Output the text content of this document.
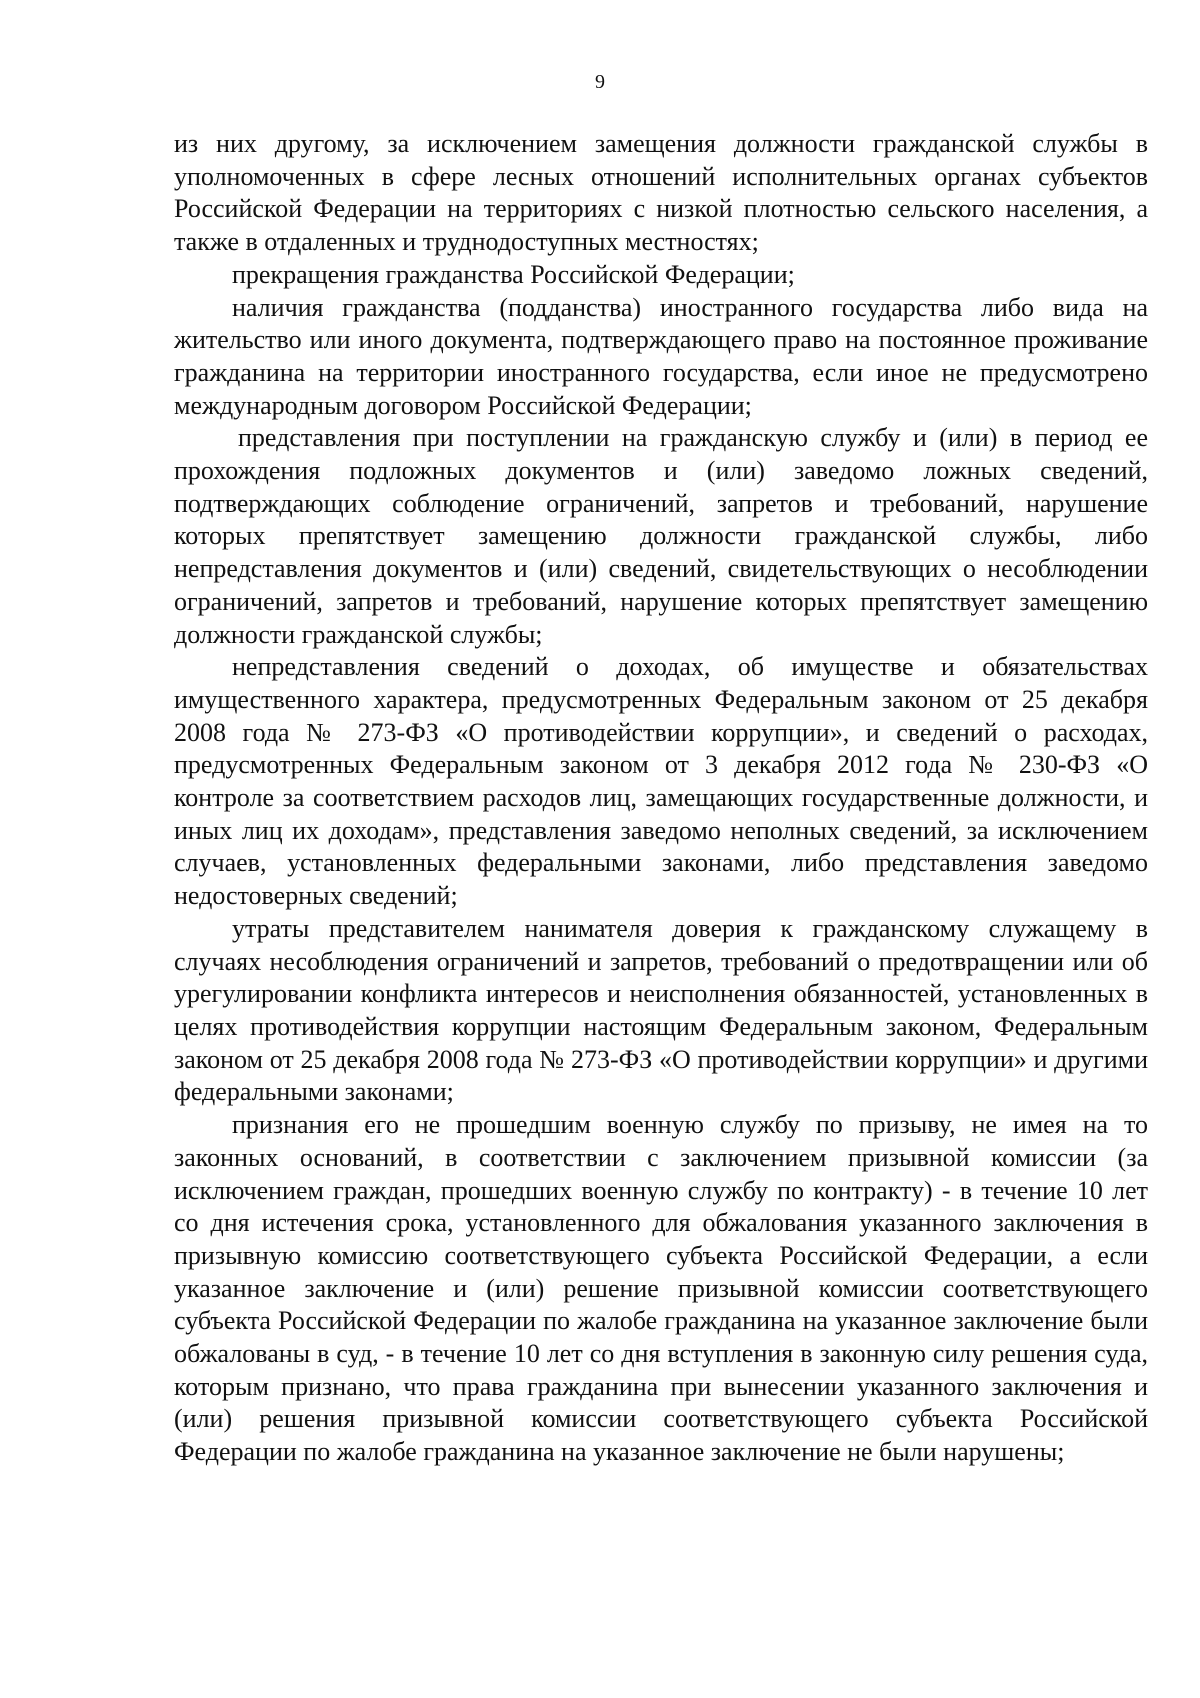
9

из них другому, за исключением замещения должности гражданской службы в уполномоченных в сфере лесных отношений исполнительных органах субъектов Российской Федерации на территориях с низкой плотностью сельского населения, а также в отдаленных и труднодоступных местностях;

прекращения гражданства Российской Федерации;

наличия гражданства (подданства) иностранного государства либо вида на жительство или иного документа, подтверждающего право на постоянное проживание гражданина на территории иностранного государства, если иное не предусмотрено международным договором Российской Федерации;

представления при поступлении на гражданскую службу и (или) в период ее прохождения подложных документов и (или) заведомо ложных сведений, подтверждающих соблюдение ограничений, запретов и требований, нарушение которых препятствует замещению должности гражданской службы, либо непредставления документов и (или) сведений, свидетельствующих о несоблюдении ограничений, запретов и требований, нарушение которых препятствует замещению должности гражданской службы;

непредставления сведений о доходах, об имуществе и обязательствах имущественного характера, предусмотренных Федеральным законом от 25 декабря 2008 года № 273-ФЗ «О противодействии коррупции», и сведений о расходах, предусмотренных Федеральным законом от 3 декабря 2012 года № 230-ФЗ «О контроле за соответствием расходов лиц, замещающих государственные должности, и иных лиц их доходам», представления заведомо неполных сведений, за исключением случаев, установленных федеральными законами, либо представления заведомо недостоверных сведений;

утраты представителем нанимателя доверия к гражданскому служащему в случаях несоблюдения ограничений и запретов, требований о предотвращении или об урегулировании конфликта интересов и неисполнения обязанностей, установленных в целях противодействия коррупции настоящим Федеральным законом, Федеральным законом от 25 декабря 2008 года № 273-ФЗ «О противодействии коррупции» и другими федеральными законами;

признания его не прошедшим военную службу по призыву, не имея на то законных оснований, в соответствии с заключением призывной комиссии (за исключением граждан, прошедших военную службу по контракту) - в течение 10 лет со дня истечения срока, установленного для обжалования указанного заключения в призывную комиссию соответствующего субъекта Российской Федерации, а если указанное заключение и (или) решение призывной комиссии соответствующего субъекта Российской Федерации по жалобе гражданина на указанное заключение были обжалованы в суд, - в течение 10 лет со дня вступления в законную силу решения суда, которым признано, что права гражданина при вынесении указанного заключения и (или) решения призывной комиссии соответствующего субъекта Российской Федерации по жалобе гражданина на указанное заключение не были нарушены;
